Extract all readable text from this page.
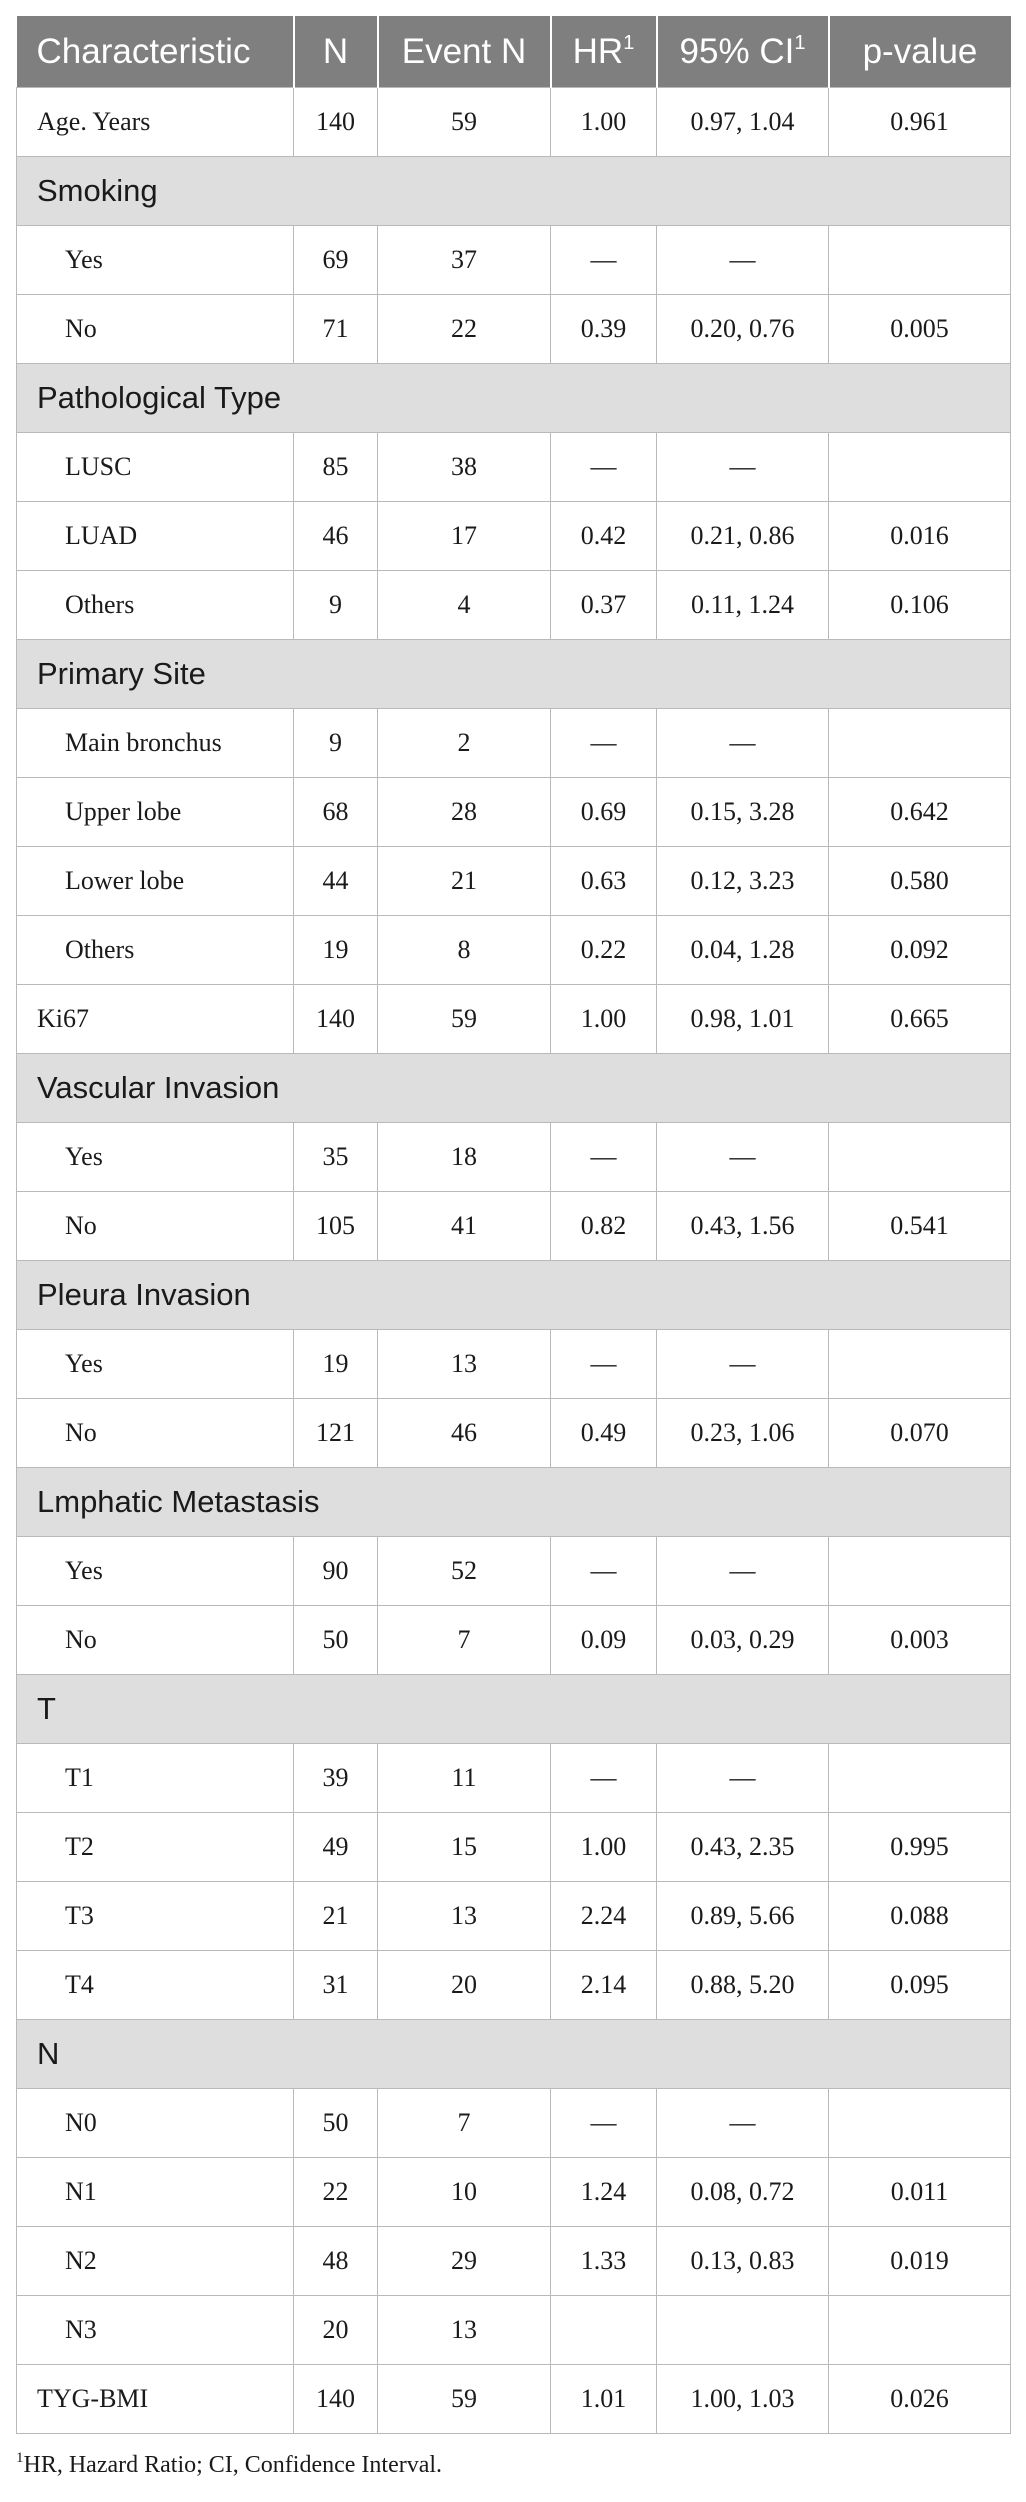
Characteristic	N	Event N	$HR^1$	95% $CI^1$	p-value
Age. Years	140	59	1.00	0.97, 1.04	0.961
Smoking					
Yes	69	37	—	—	
No	71	22	0.39	0.20, 0.76	0.005
Pathological Type					
LUSC	85	38	—	—	
LUAD	46	17	0.42	0.21, 0.86	0.016
Others	9	4	0.37	0.11, 1.24	0.106
Primary Site					
Main bronchus	9	2	—	—	
Upper lobe	68	28	0.69	0.15, 3.28	0.642
Lower lobe	44	21	0.63	0.12, 3.23	0.580
Others	19	8	0.22	0.04, 1.28	0.092
Ki67	140	59	1.00	0.98, 1.01	0.665
Vascular Invasion					
Yes	35	18	—	—	
No	105	41	0.82	0.43, 1.56	0.541
Pleura Invasion					
Yes	19	13	—	—	
No	121	46	0.49	0.23, 1.06	0.070
Lmphatic Metastasis					
Yes	90	52	—	—	
No	50	7	0.09	0.03, 0.29	0.003
T					
T1	39	11	—	—	
T2	49	15	1.00	0.43, 2.35	0.995
T3	21	13	2.24	0.89, 5.66	0.088
T4	31	20	2.14	0.88, 5.20	0.095
N					
N0	50	7	—	—	
N1	22	10	1.24	0.08, 0.72	0.011
N2	48	29	1.33	0.13, 0.83	0.019
N3	20	13			
TYG-BMI	140	59	1.01	1.00, 1.03	0.026
$^1$HR, Hazard Ratio; CI, Confidence Interval.
